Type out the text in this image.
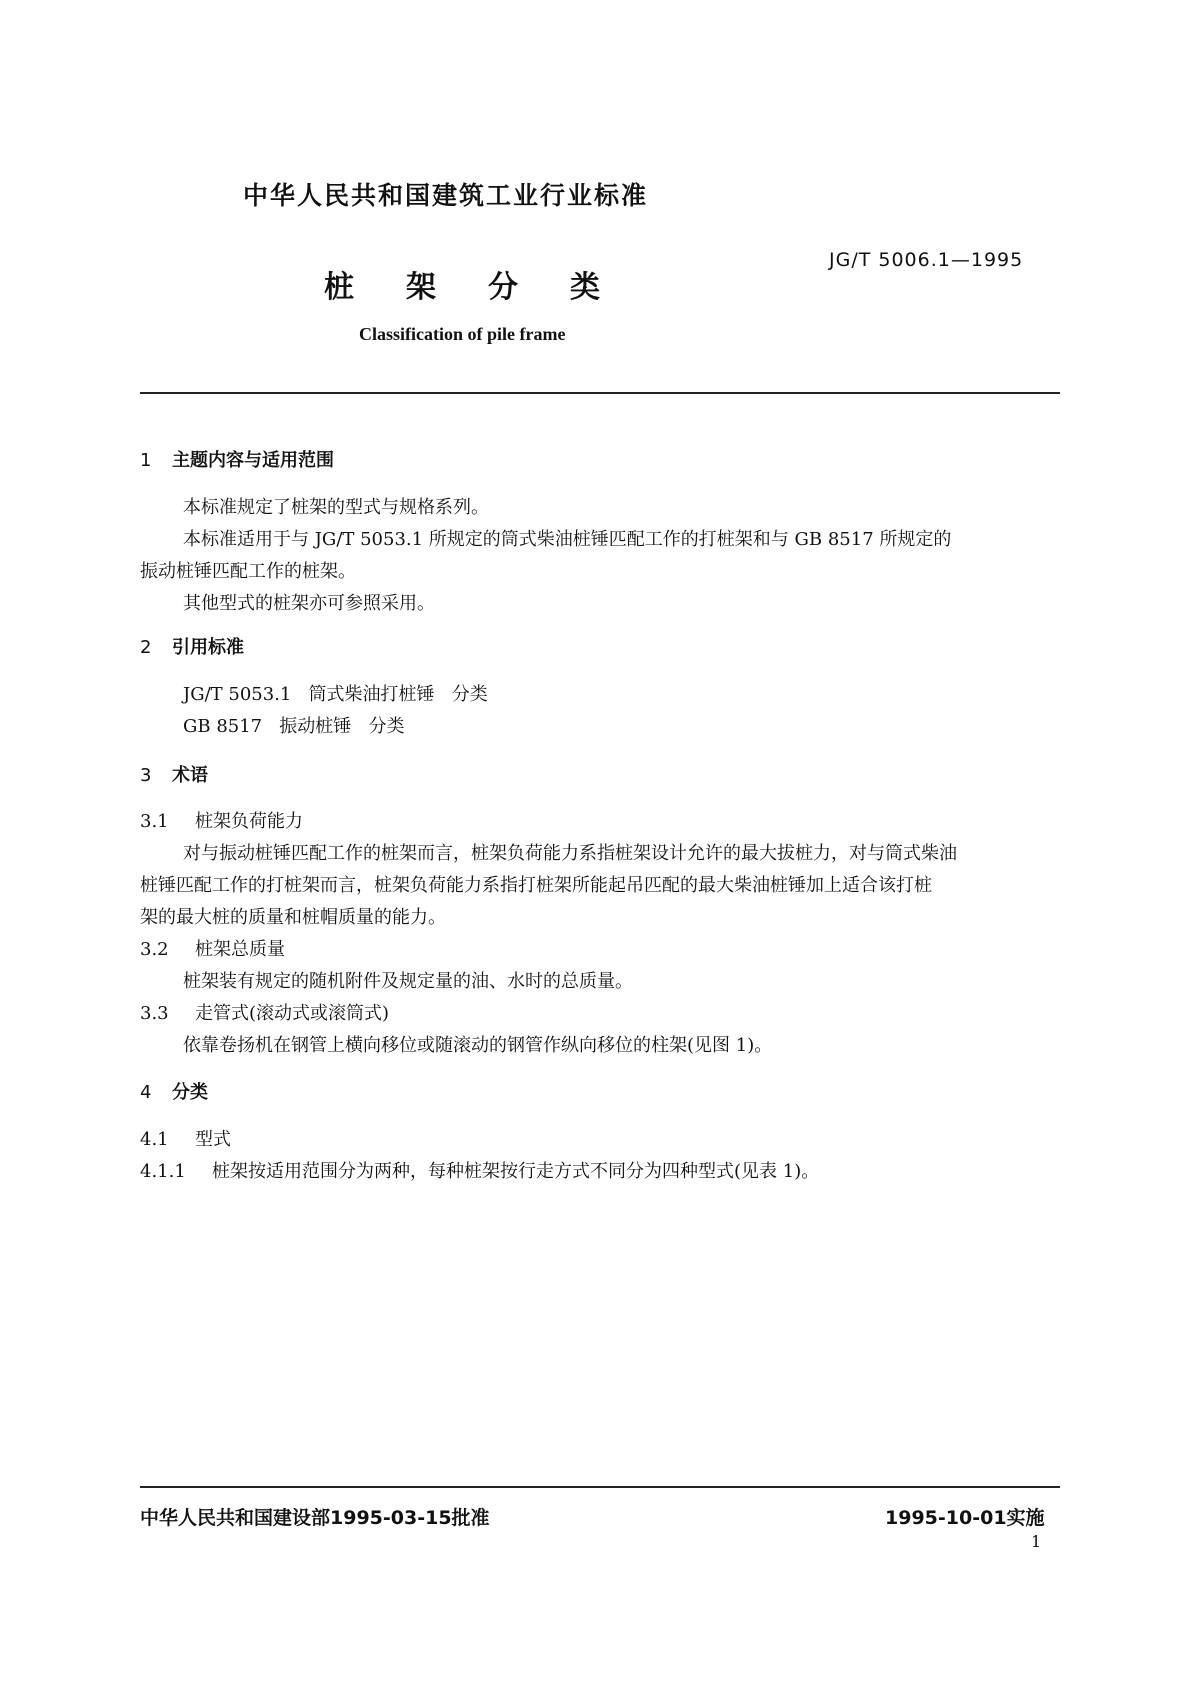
中华人民共和国建筑工业行业标准
JG/T 5006.1—1995
桩 架 分 类
Classification of pile frame
1 主题内容与适用范围
本标准规定了桩架的型式与规格系列。
本标准适用于与 JG/T 5053.1 所规定的筒式柴油桩锤匹配工作的打桩架和与 GB 8517 所规定的
振动桩锤匹配工作的桩架。
其他型式的桩架亦可参照采用。
2 引用标准
JG/T 5053.1   筒式柴油打桩锤   分类
GB 8517   振动桩锤   分类
3 术语
3.1 桩架负荷能力
对与振动桩锤匹配工作的桩架而言，桩架负荷能力系指桩架设计允许的最大拔桩力，对与筒式柴油
桩锤匹配工作的打桩架而言，桩架负荷能力系指打桩架所能起吊匹配的最大柴油桩锤加上适合该打桩
架的最大桩的质量和桩帽质量的能力。
3.2 桩架总质量
桩架装有规定的随机附件及规定量的油、水时的总质量。
3.3 走管式(滚动式或滚筒式)
依靠卷扬机在钢管上横向移位或随滚动的钢管作纵向移位的柱架(见图 1)。
4 分类
4.1 型式
4.1.1 桩架按适用范围分为两种，每种桩架按行走方式不同分为四种型式(见表 1)。
中华人民共和国建设部1995-03-15批准	1995-10-01实施
1
